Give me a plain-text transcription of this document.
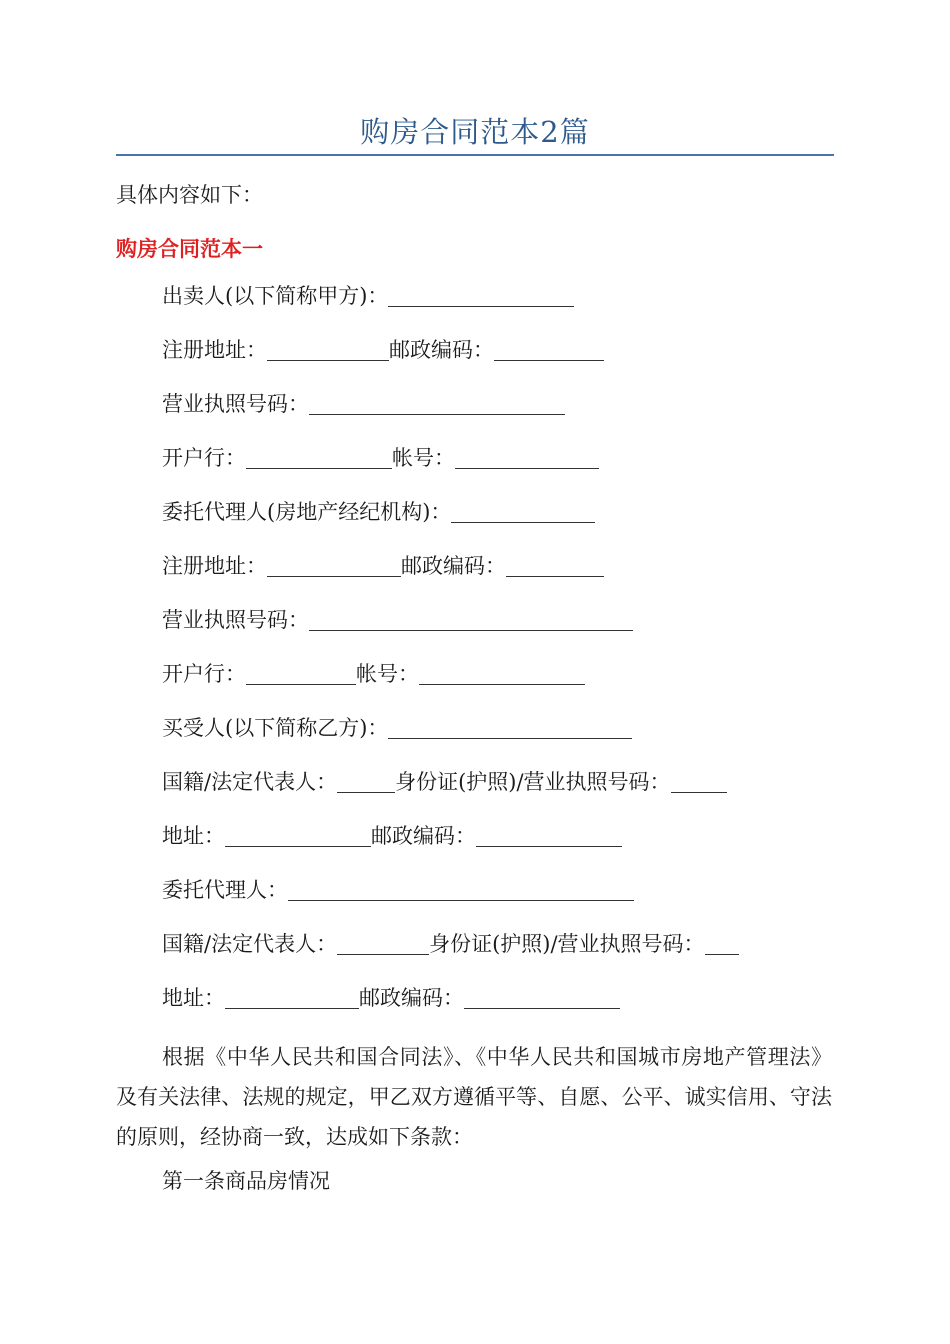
购房合同范本2篇
具体内容如下：
购房合同范本一
出卖人(以下简称甲方)：
注册地址：	邮政编码：
营业执照号码：
开户行：	帐号：
委托代理人(房地产经纪机构)：
注册地址：	邮政编码：
营业执照号码：
开户行：	帐号：
买受人(以下简称乙方)：
国籍/法定代表人：	身份证(护照)/营业执照号码：
地址：	邮政编码：
委托代理人：
国籍/法定代表人：	身份证(护照)/营业执照号码：
地址：	邮政编码：
根据《中华人民共和国合同法》、《中华人民共和国城市房地产管理法》及有关法律、法规的规定，甲乙双方遵循平等、自愿、公平、诚实信用、守法的原则，经协商一致，达成如下条款：
第一条商品房情况
